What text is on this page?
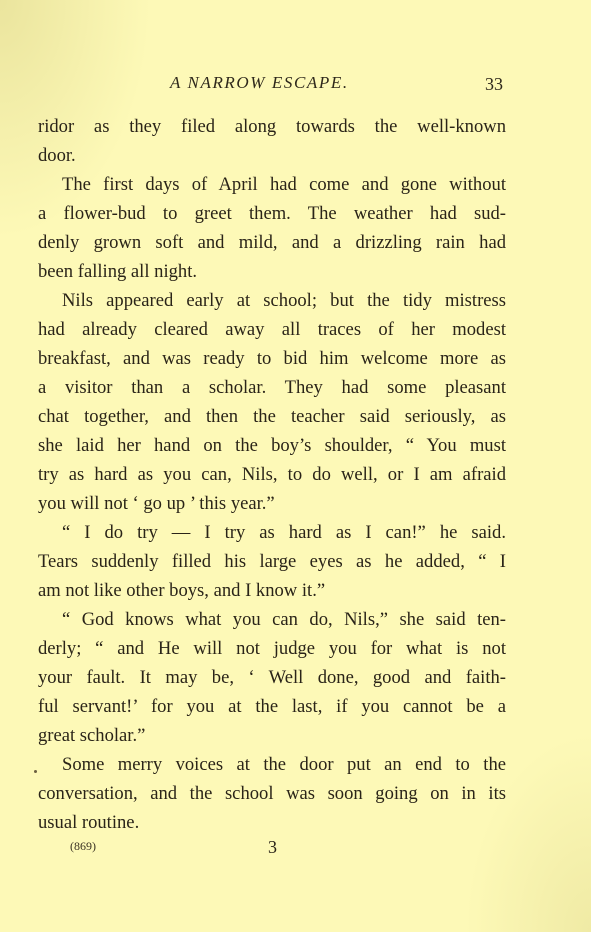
A NARROW ESCAPE.	33
ridor as they filed along towards the well-known
door.
The first days of April had come and gone without
a flower-bud to greet them. The weather had sud-
denly grown soft and mild, and a drizzling rain had
been falling all night.
Nils appeared early at school; but the tidy mistress
had already cleared away all traces of her modest
breakfast, and was ready to bid him welcome more as
a visitor than a scholar. They had some pleasant
chat together, and then the teacher said seriously, as
she laid her hand on the boy’s shoulder, “ You must
try as hard as you can, Nils, to do well, or I am afraid
you will not ‘ go up ’ this year.”
“ I do try — I try as hard as I can!” he said.
Tears suddenly filled his large eyes as he added, “ I
am not like other boys, and I know it.”
“ God knows what you can do, Nils,” she said ten-
derly; “ and He will not judge you for what is not
your fault. It may be, ‘ Well done, good and faith-
ful servant!’ for you at the last, if you cannot be a
great scholar.”
Some merry voices at the door put an end to the
conversation, and the school was soon going on in its
usual routine.
(869)	3
